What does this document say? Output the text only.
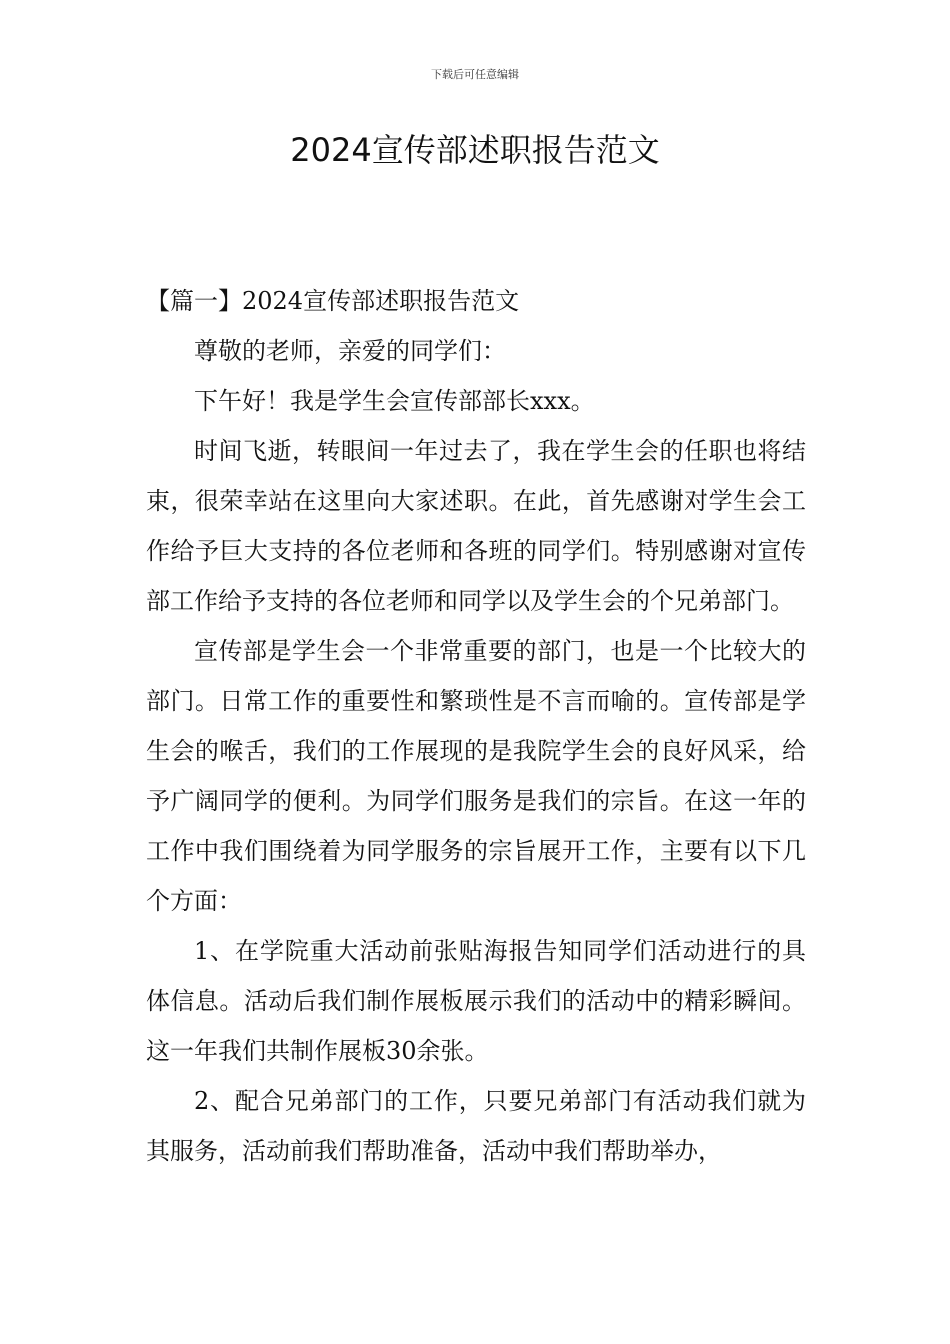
下载后可任意编辑
2024宣传部述职报告范文

【篇一】2024宣传部述职报告范文

尊敬的老师，亲爱的同学们：

下午好！我是学生会宣传部部长xxx。

时间飞逝，转眼间一年过去了，我在学生会的任职也将结束，很荣幸站在这里向大家述职。在此，首先感谢对学生会工作给予巨大支持的各位老师和各班的同学们。特别感谢对宣传部工作给予支持的各位老师和同学以及学生会的个兄弟部门。

宣传部是学生会一个非常重要的部门，也是一个比较大的部门。日常工作的重要性和繁琐性是不言而喻的。宣传部是学生会的喉舌，我们的工作展现的是我院学生会的良好风采，给予广阔同学的便利。为同学们服务是我们的宗旨。在这一年的工作中我们围绕着为同学服务的宗旨展开工作，主要有以下几个方面：

1、在学院重大活动前张贴海报告知同学们活动进行的具体信息。活动后我们制作展板展示我们的活动中的精彩瞬间。这一年我们共制作展板30余张。

2、配合兄弟部门的工作，只要兄弟部门有活动我们就为其服务，活动前我们帮助准备，活动中我们帮助举办，
